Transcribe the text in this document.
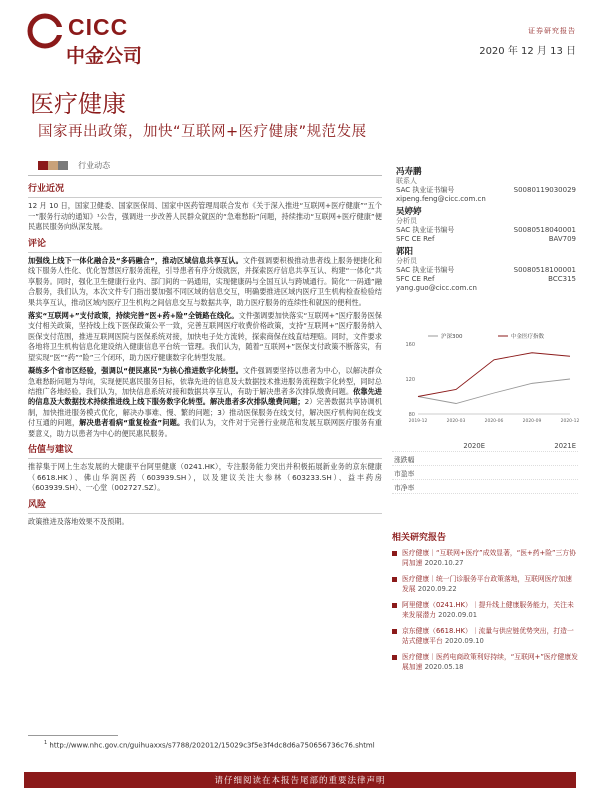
CICC
中金公司
证券研究报告
2020 年 12 月 13 日
医疗健康
国家再出政策，加快“互联网+医疗健康”规范发展
行业动态
行业近况

12 月 10 日，国家卫健委、国家医保局、国家中医药管理局联合发布《关于深入推进“互联网+医疗健康”“五个一”服务行动的通知》¹公告，强调进一步改善人民群众就医的“急难愁盼”问题，持续推动“互联网+医疗健康”便民惠民服务向纵深发展。

评论

加强线上线下一体化融合及“多码融合”，推动区域信息共享互认。文件强调要积极推动患者线上服务便捷化和线下服务人性化、优化智慧医疗服务流程，引导患者有序分级就医，并探索医疗信息共享互认、构建“一体化”共享服务。同时，强化卫生健康行业内、部门间的一码通用，实现健康码与全国互认与跨城通行。简化“一码通”融合服务，我们认为，本次文件专门指出要加强不同区域的信息交互，明确要推进区域内医疗卫生机构检查检验结果共享互认，推动区域内医疗卫生机构之间信息交互与数据共享，助力医疗服务的连续性和就医的便利性。

落实“互联网+”支付政策，持续完善“医+药+险”全链路在线化。文件强调要加快落实“互联网+”医疗服务医保支付相关政策，坚持线上线下医保政策公平一致，完善互联网医疗收费价格政策，支持“互联网+”医疗服务纳入医保支付范围，推进互联网医院与医保系统对接，加快电子处方流转，探索商保在线直结理赔。同时，文件要求各地将卫生机构信息化建设纳入健康信息平台统一管理。我们认为，随着“互联网+”医保支付政策不断落实，有望实现“医”“药”“险”三个闭环，助力医疗健康数字化转型发展。

凝练多个省市区经验，强调以“便民惠民”为核心推进数字化转型。文件强调要坚持以患者为中心，以解决群众急难愁盼问题为导向，实现便民惠民服务目标，依靠先进的信息及大数据技术推进服务流程数字化转型，同时总结推广各地经验。我们认为，加快信息系统对接和数据共享互认，有助于解决患者多次排队缴费问题。依靠先进的信息及大数据技术持续推进线上线下服务数字化转型。解决患者多次排队缴费问题；2）完善数据共享协调机制，加快推进服务模式优化，解决办事难、慢、繁的问题；3）推动医保服务在线支付，解决医疗机构间在线支付互通的问题，解决患者看病“重复检查”问题。我们认为，文件对于完善行业规范和发展互联网医疗服务有重要意义，助力以患者为中心的便民惠民服务。

估值与建议

推荐集于网上生态发展的大健康平台阿里健康（0241.HK），专注服务能力突出并积极拓展新业务的京东健康（6618.HK）、佛山华润医药（603939.SH），以及建议关注大参林（603233.SH）、益丰药房（603939.SH）、一心堂（002727.SZ）。

风险

政策推进及落地效果不及预期。

冯寿鹏
联系人
SAC 执业证书编号	S0080119030029
xipeng.feng@cicc.com.cn
吴婷婷
分析员
SAC 执业证书编号	S0080518040001
SFC CE Ref	BAV709
郭阳
分析员
SAC 执业证书编号	S0080518100001
SFC CE Ref	BCC315
yang.guo@cicc.com.cn
80
120
160
2019-12	2020-03	2020-06	2020-09	2020-12
沪深300	中金医疗指数
2020E	2021E
涨跌幅
市盈率
市净率
相关研究报告
医疗健康｜“互联网+医疗”成效显著，“医+药+险”三方协同加速 2020.10.27
医疗健康｜统一门诊服务平台政策落地，互联网医疗加速发展 2020.09.22
阿里健康（0241.HK）｜提升线上健康服务能力，关注未来发展潜力 2020.09.01
京东健康（6618.HK）｜流量与供应链优势突出，打造一站式健康平台 2020.09.10
医疗健康｜医药电商政策利好持续，“互联网+”医疗健康发展加速 2020.05.18
$^1$ http://www.nhc.gov.cn/guihuaxxs/s7788/202012/15029c3f5e3f4dc8d6a750656736c76.shtml
请仔细阅读在本报告尾部的重要法律声明
